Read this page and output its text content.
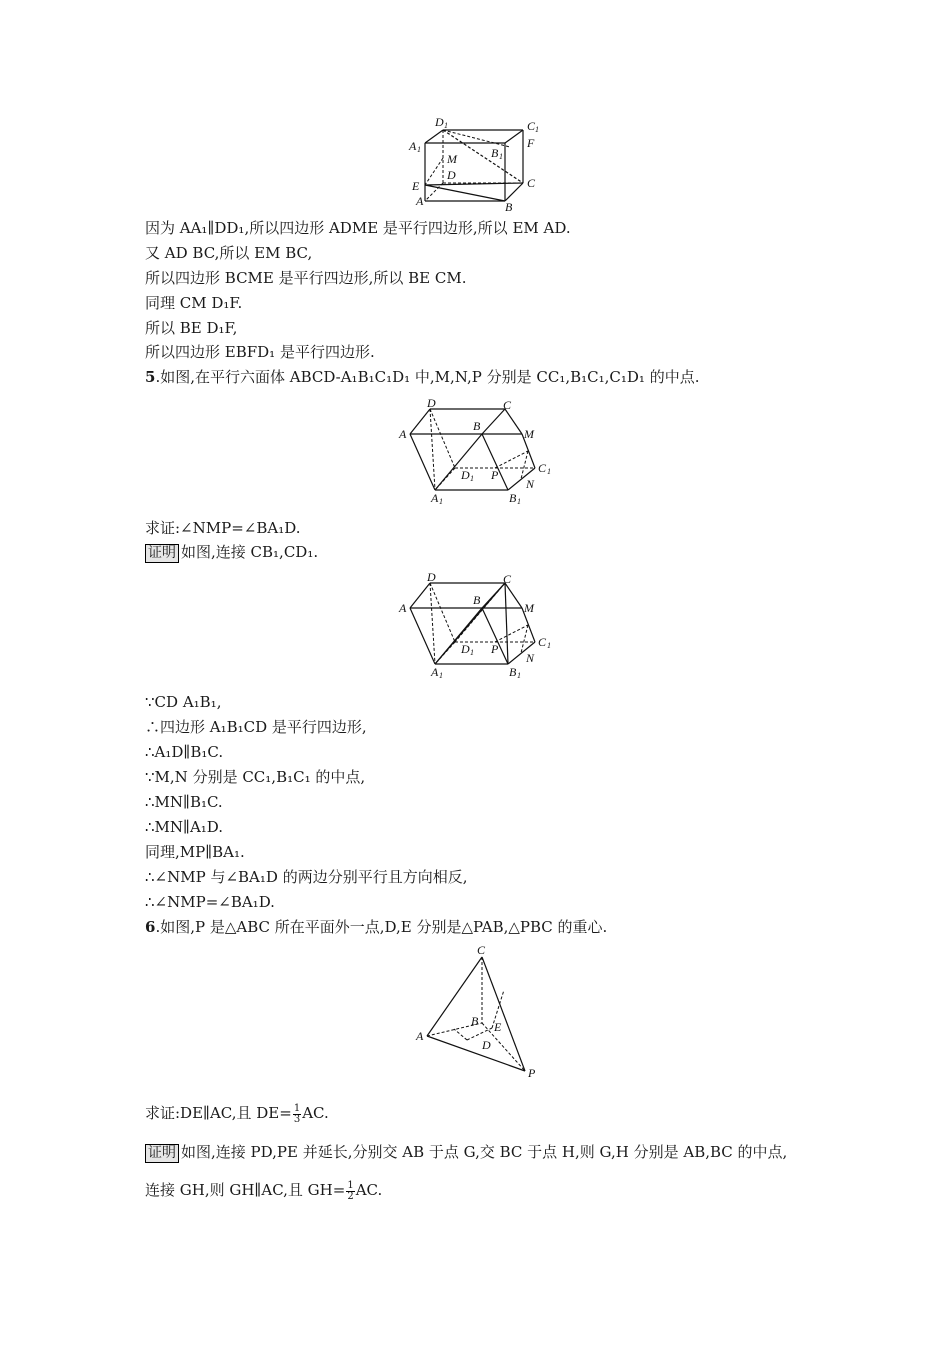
D 1	C 1
A 1	B 1
F
M
D
C
E
A	B
因为 AA₁∥DD₁,所以四边形 ADME 是平行四边形,所以 EM AD.
又 AD BC,所以 EM BC,
所以四边形 BCME 是平行四边形,所以 BE CM.
同理 CM D₁F.
所以 BE D₁F,
所以四边形 EBFD₁ 是平行四边形.
5.如图,在平行六面体 ABCD-A₁B₁C₁D₁ 中,M,N,P 分别是 CC₁,B₁C₁,C₁D₁ 的中点.
D	C
A
B
M
D 1 P	C 1
N
A 1	B 1
求证:∠NMP=∠BA₁D.
证明 如图,连接 CB₁,CD₁.
D	C
A
B
M
D 1 P	C 1
N
A 1	B 1
∵CD A₁B₁,
∴四边形 A₁B₁CD 是平行四边形,
∴A₁D∥B₁C.
∵M,N 分别是 CC₁,B₁C₁ 的中点,
∴MN∥B₁C.
∴MN∥A₁D.
同理,MP∥BA₁.
∴∠NMP 与∠BA₁D 的两边分别平行且方向相反,
∴∠NMP=∠BA₁D.
6.如图,P 是△ABC 所在平面外一点,D,E 分别是△PAB,△PBC 的重心.
C
B E
A
D
P
求证:DE∥AC,且 $DE= \frac{1}{3}$ AC.
证明 如图,连接 PD,PE 并延长,分别交 AB 于点 G,交 BC 于点 H,则 G,H 分别是 AB,BC 的中点,
连接 GH,则 GH∥AC,且 $GH= \frac{1}{2}$ AC.
